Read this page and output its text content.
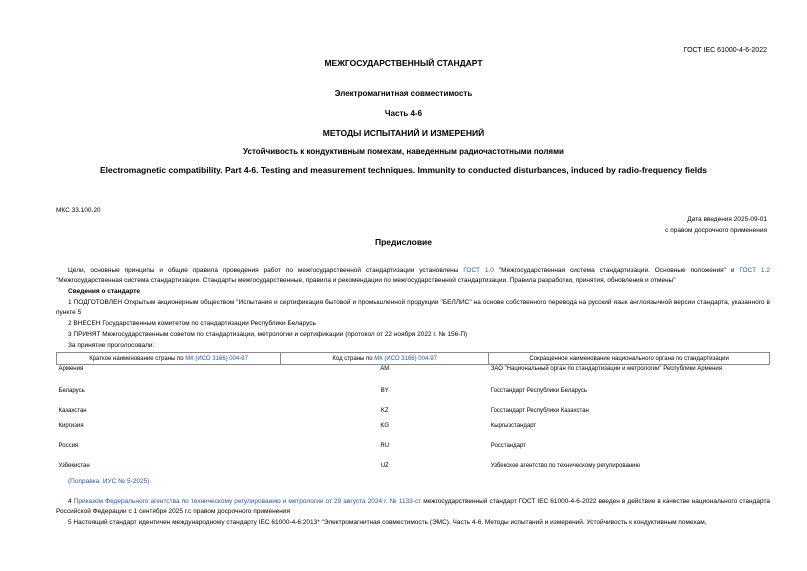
ГОСТ IEC 61000-4-6-2022
МЕЖГОСУДАРСТВЕННЫЙ СТАНДАРТ
Электромагнитная совместимость
Часть 4-6
МЕТОДЫ ИСПЫТАНИЙ И ИЗМЕРЕНИЙ
Устойчивость к кондуктивным помехам, наведенным радиочастотными полями
Electromagnetic compatibility. Part 4-6. Testing and measurement techniques. Immunity to conducted disturbances, induced by radio-frequency fields
МКС 33.100.20
Дата введения 2025-09-01
с правом досрочного применения
Предисловие
Цели, основные принципы и общие правила проведения работ по межгосударственной стандартизации установлены ГОСТ 1.0 "Межгосударственная система стандартизации. Основные положения" и ГОСТ 1.2 "Межгосударственная система стандартизации. Стандарты межгосударственные, правила и рекомендации по межгосударственной стандартизации. Правила разработки, принятия, обновления и отмены"
Сведения о стандарте
1 ПОДГОТОВЛЕН Открытым акционерным обществом "Испытания и сертификация бытовой и промышленной продукции "БЕЛЛИС" на основе собственного перевода на русский язык англоязычной версии стандарта, указанного в пункте 5
2 ВНЕСЕН Государственным комитетом по стандартизации Республики Беларусь
3 ПРИНЯТ Межгосударственным советом по стандартизации, метрологии и сертификации (протокол от 22 ноября 2022 г. № 156-П)
За принятие проголосовали:
Краткое наименование страны по МК (ИСО 3166) 004-97	Код страны по МК (ИСО 3166) 004-97	Сокращенное наименование национального органа по стандартизации
Армения	AM	ЗАО "Национальный орган по стандартизации и метрологии" Республики Армения
Беларусь	BY	Госстандарт Республики Беларусь
Казахстан	KZ	Госстандарт Республики Казахстан
Киргизия	KG	Кыргызстандарт
Россия	RU	Росстандарт
Узбекистан	UZ	Узбекское агентство по техническому регулированию
(Поправка. ИУС № 5-2025).
4 Приказом Федерального агентства по техническому регулированию и метрологии от 29 августа 2024 г. № 1133-ст межгосударственный стандарт ГОСТ IEC 61000-4-6-2022 введен в действие в качестве национального стандарта Российской Федерации с 1 сентября 2025 г.с правом досрочного применения
5 Настоящий стандарт идентичен международному стандарту IEC 61000-4-6:2013* "Электромагнитная совместимость (ЭМС). Часть 4-6. Методы испытаний и измерений. Устойчивость к кондуктивным помехам,
